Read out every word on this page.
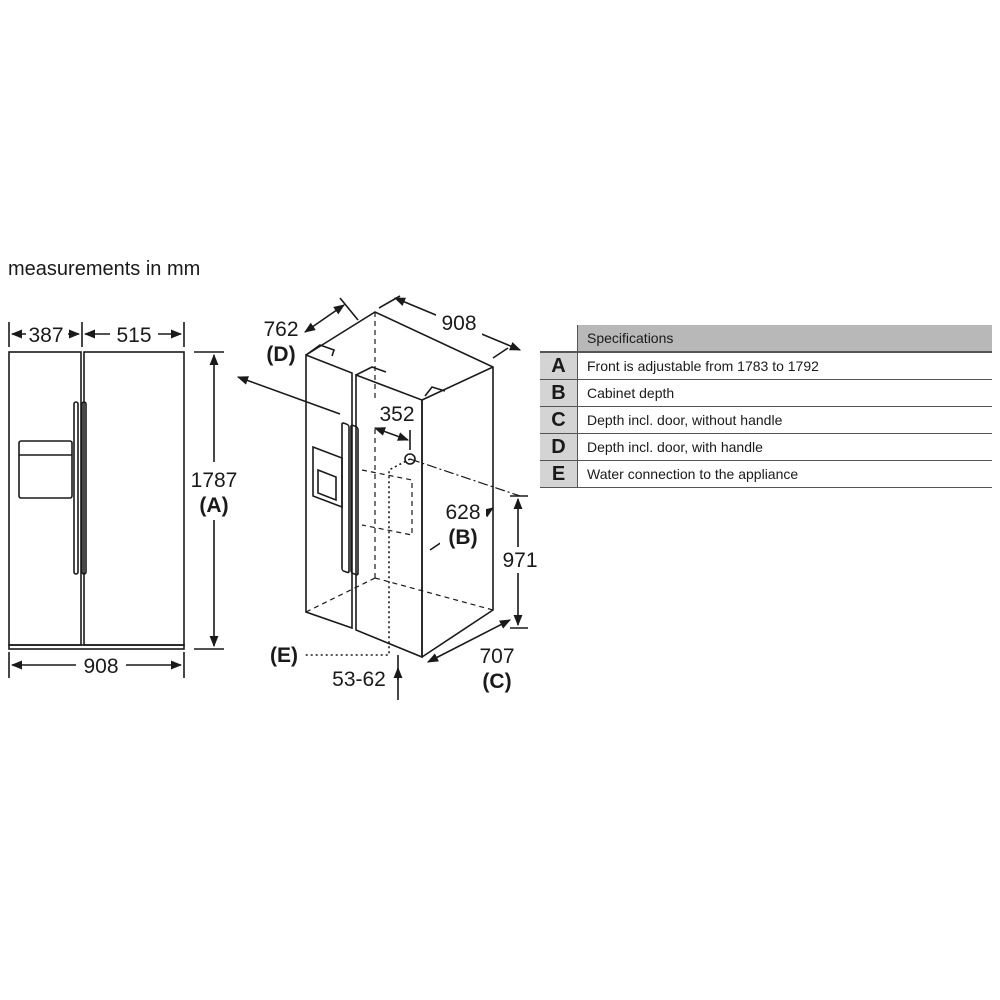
measurements in mm
387	515
908
1787
(A)
762
(D)
908
352
628
(B)
971
707
(C)
(E)
53-62
	Specifications
A	Front is adjustable from 1783 to 1792
B	Cabinet depth
C	Depth incl. door, without handle
D	Depth incl. door, with handle
E	Water connection to the appliance
